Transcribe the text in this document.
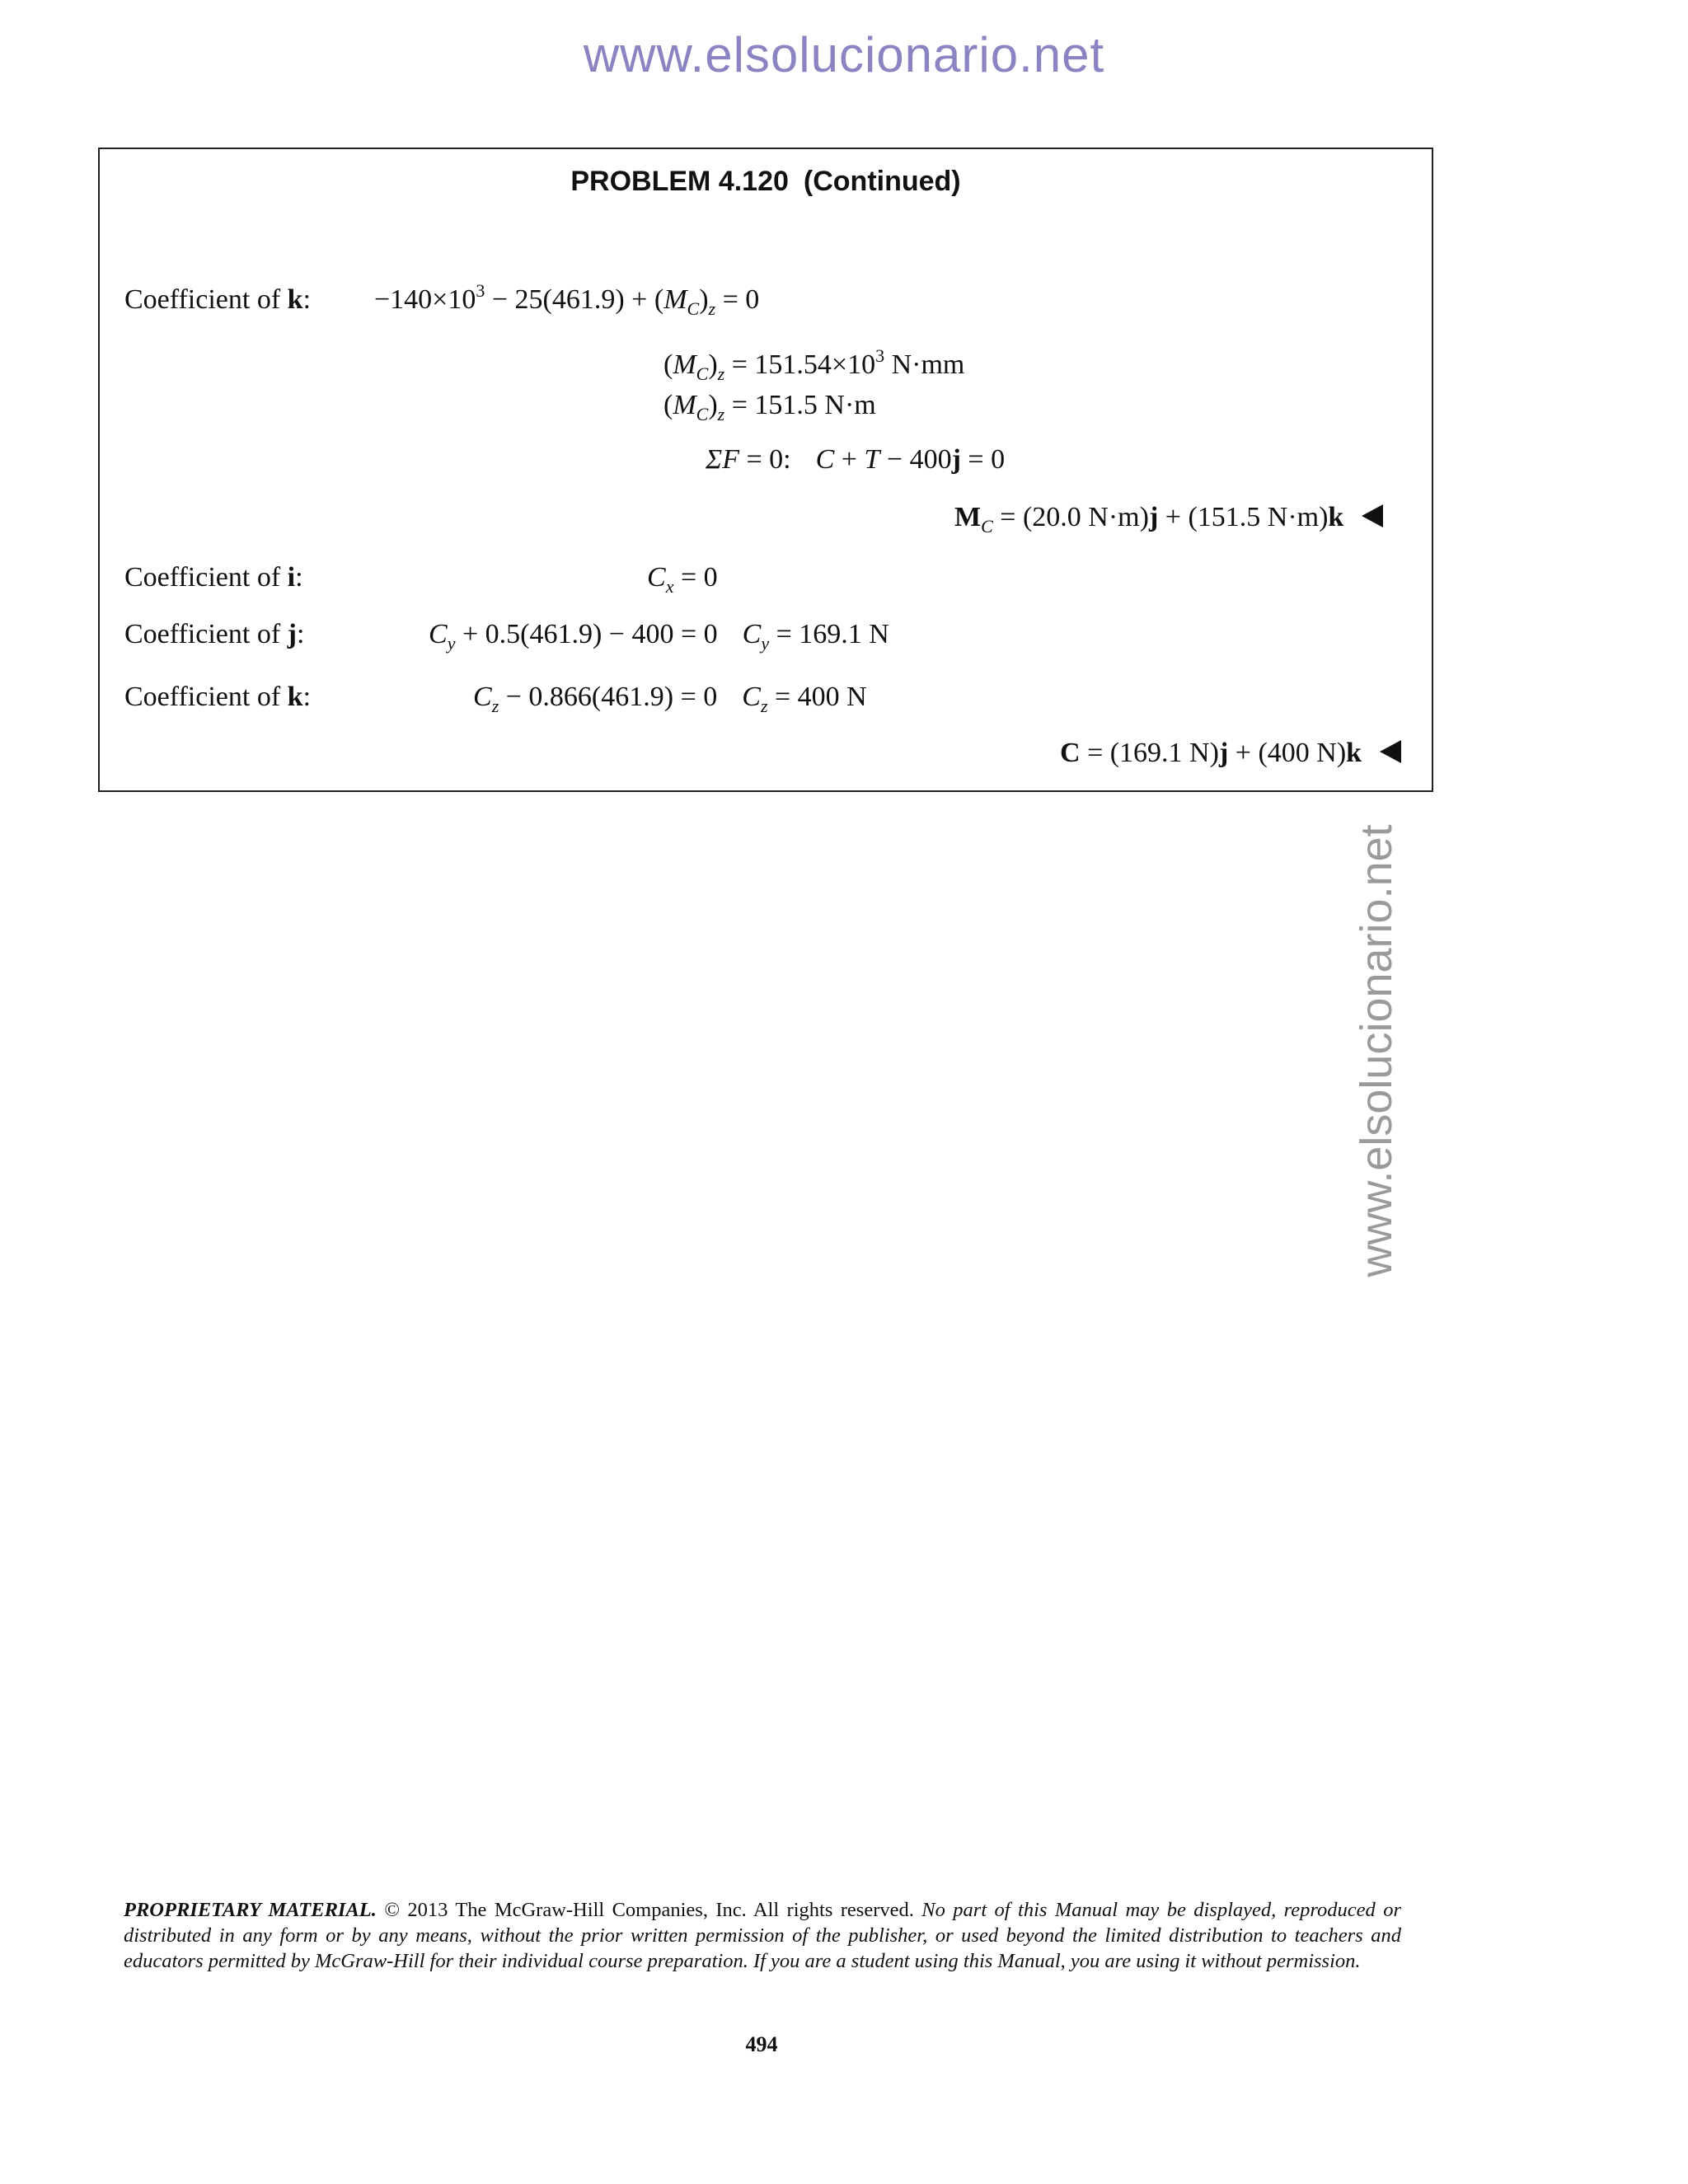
www.elsolucionario.net
www.elsolucionario.net
PROBLEM 4.120 (Continued)
Coefficient of k: $-140\times 10^3 - 25(461.9) + (M_C)_z = 0$
$(M_C)_z = 151.54\times 10^3$ N·mm
$(M_C)_z = 151.5$ N·m
ΣF = 0: C + T − 400j = 0
$M_C = (20.0$ N·m)j + (151.5 N·m)k
Coefficient of i:	$C_x = 0$
Coefficient of j:	$C_y + 0.5(461.9) - 400 = 0$ $C_y = 169.1$ N
Coefficient of k:	$C_z - 0.866(461.9) = 0$ $C_z = 400$ N
C = (169.1 N)j + (400 N)k
PROPRIETARY MATERIAL. © 2013 The McGraw-Hill Companies, Inc. All rights reserved. No part of this Manual may be displayed, reproduced or distributed in any form or by any means, without the prior written permission of the publisher, or used beyond the limited distribution to teachers and educators permitted by McGraw-Hill for their individual course preparation. If you are a student using this Manual, you are using it without permission.
494
